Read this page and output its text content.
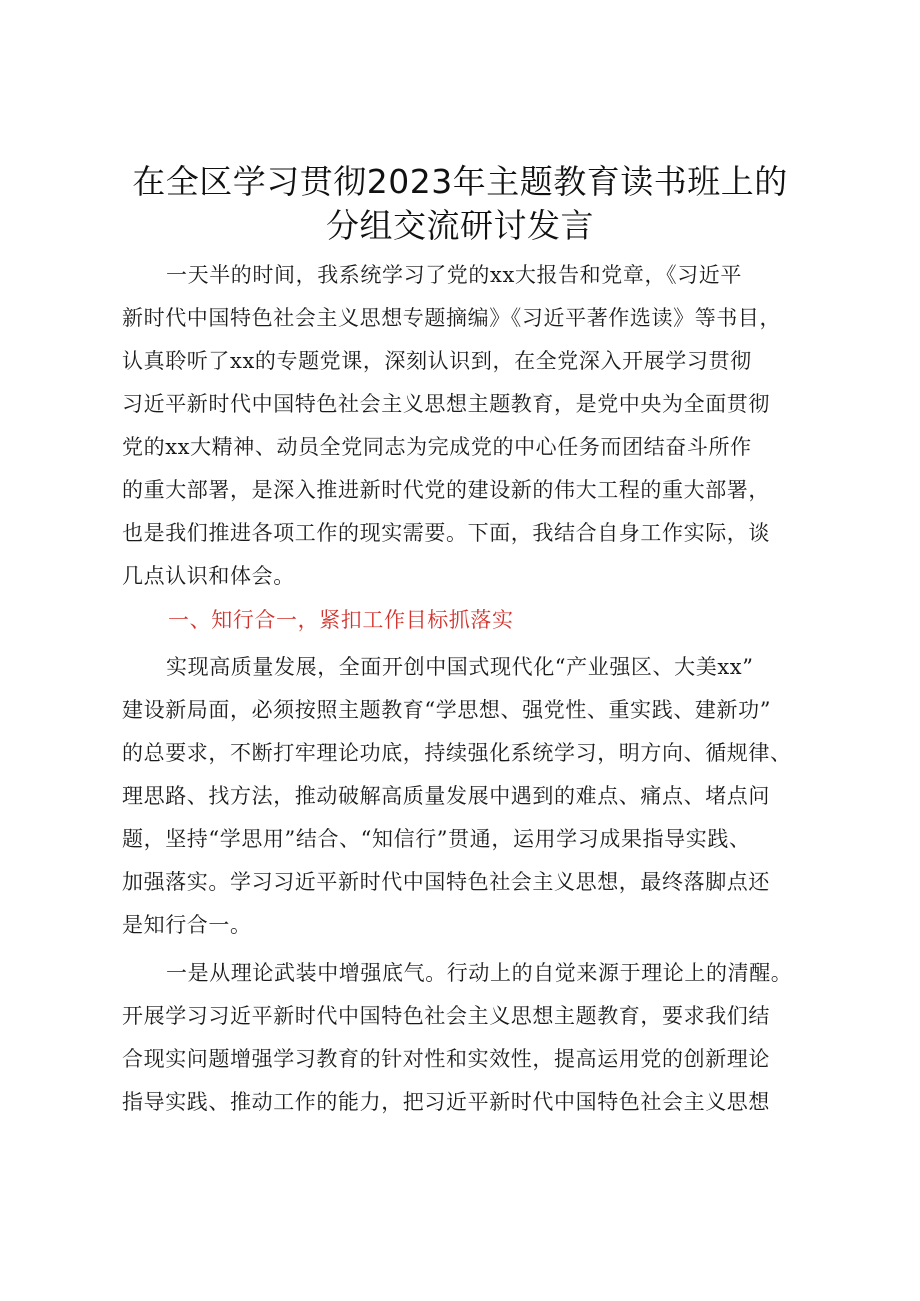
在全区学习贯彻2023年主题教育读书班上的
分组交流研讨发言
一天半的时间，我系统学习了党的xx大报告和党章，《习近平
新时代中国特色社会主义思想专题摘编》《习近平著作选读》等书目，
认真聆听了xx的专题党课，深刻认识到，在全党深入开展学习贯彻
习近平新时代中国特色社会主义思想主题教育，是党中央为全面贯彻
党的xx大精神、动员全党同志为完成党的中心任务而团结奋斗所作
的重大部署，是深入推进新时代党的建设新的伟大工程的重大部署，
也是我们推进各项工作的现实需要。下面，我结合自身工作实际，谈
几点认识和体会。
一、知行合一，紧扣工作目标抓落实
实现高质量发展，全面开创中国式现代化“产业强区、大美xx”
建设新局面，必须按照主题教育“学思想、强党性、重实践、建新功”
的总要求，不断打牢理论功底，持续强化系统学习，明方向、循规律、
理思路、找方法，推动破解高质量发展中遇到的难点、痛点、堵点问
题，坚持“学思用”结合、“知信行”贯通，运用学习成果指导实践、
加强落实。学习习近平新时代中国特色社会主义思想，最终落脚点还
是知行合一。
一是从理论武装中增强底气。行动上的自觉来源于理论上的清醒。
开展学习习近平新时代中国特色社会主义思想主题教育，要求我们结
合现实问题增强学习教育的针对性和实效性，提高运用党的创新理论
指导实践、推动工作的能力，把习近平新时代中国特色社会主义思想
